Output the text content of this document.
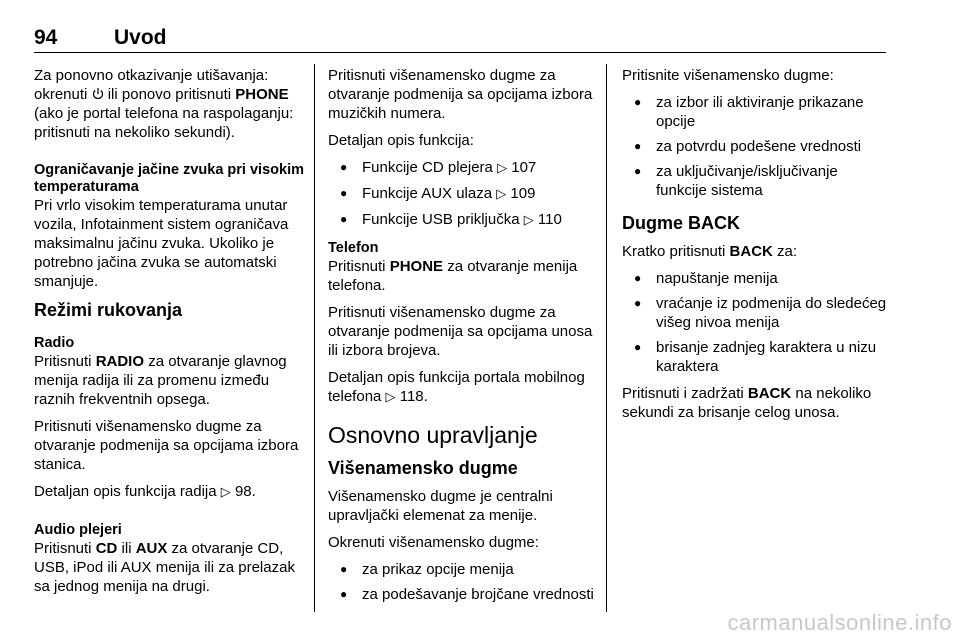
94	Uvod

Za ponovno otkazivanje utišavanja: okrenuti  ili ponovo pritisnuti PHONE (ako je portal telefona na raspolaganju: pritisnuti na nekoliko sekundi).

Ograničavanje jačine zvuka pri visokim temperaturama

Pri vrlo visokim temperaturama unutar vozila, Infotainment sistem ograničava maksimalnu jačinu zvuka. Ukoliko je potrebno jačina zvuka se automatski smanjuje.

Režimi rukovanja
Radio

Pritisnuti RADIO za otvaranje glavnog menija radija ili za promenu između raznih frekventnih opsega.

Pritisnuti višenamensko dugme za otvaranje podmenija sa opcijama izbora stanica.

Detaljan opis funkcija radija ▷ 98.

Audio plejeri

Pritisnuti CD ili AUX za otvaranje CD, USB, iPod ili AUX menija ili za prelazak sa jednog menija na drugi.

Pritisnuti višenamensko dugme za otvaranje podmenija sa opcijama izbora muzičkih numera.

Detaljan opis funkcija:

● Funkcije CD plejera ▷ 107
● Funkcije AUX ulaza ▷ 109
● Funkcije USB priključka ▷ 110
Telefon

Pritisnuti PHONE za otvaranje menija telefona.

Pritisnuti višenamensko dugme za otvaranje podmenija sa opcijama unosa ili izbora brojeva.

Detaljan opis funkcija portala mobilnog telefona ▷ 118.

Osnovno upravljanje
Višenamensko dugme

Višenamensko dugme je centralni upravljački elemenat za menije.

Okrenuti višenamensko dugme:

● za prikaz opcije menija
● za podešavanje brojčane vrednosti

Pritisnite višenamensko dugme:

● za izbor ili aktiviranje prikazane opcije
● za potvrdu podešene vrednosti
● za uključivanje/isključivanje funkcije sistema
Dugme BACK

Kratko pritisnuti BACK za:

● napuštanje menija
● vraćanje iz podmenija do sledećeg višeg nivoa menija
● brisanje zadnjeg karaktera u nizu karaktera

Pritisnuti i zadržati BACK na nekoliko sekundi za brisanje celog unosa.

carmanualsonline.info
